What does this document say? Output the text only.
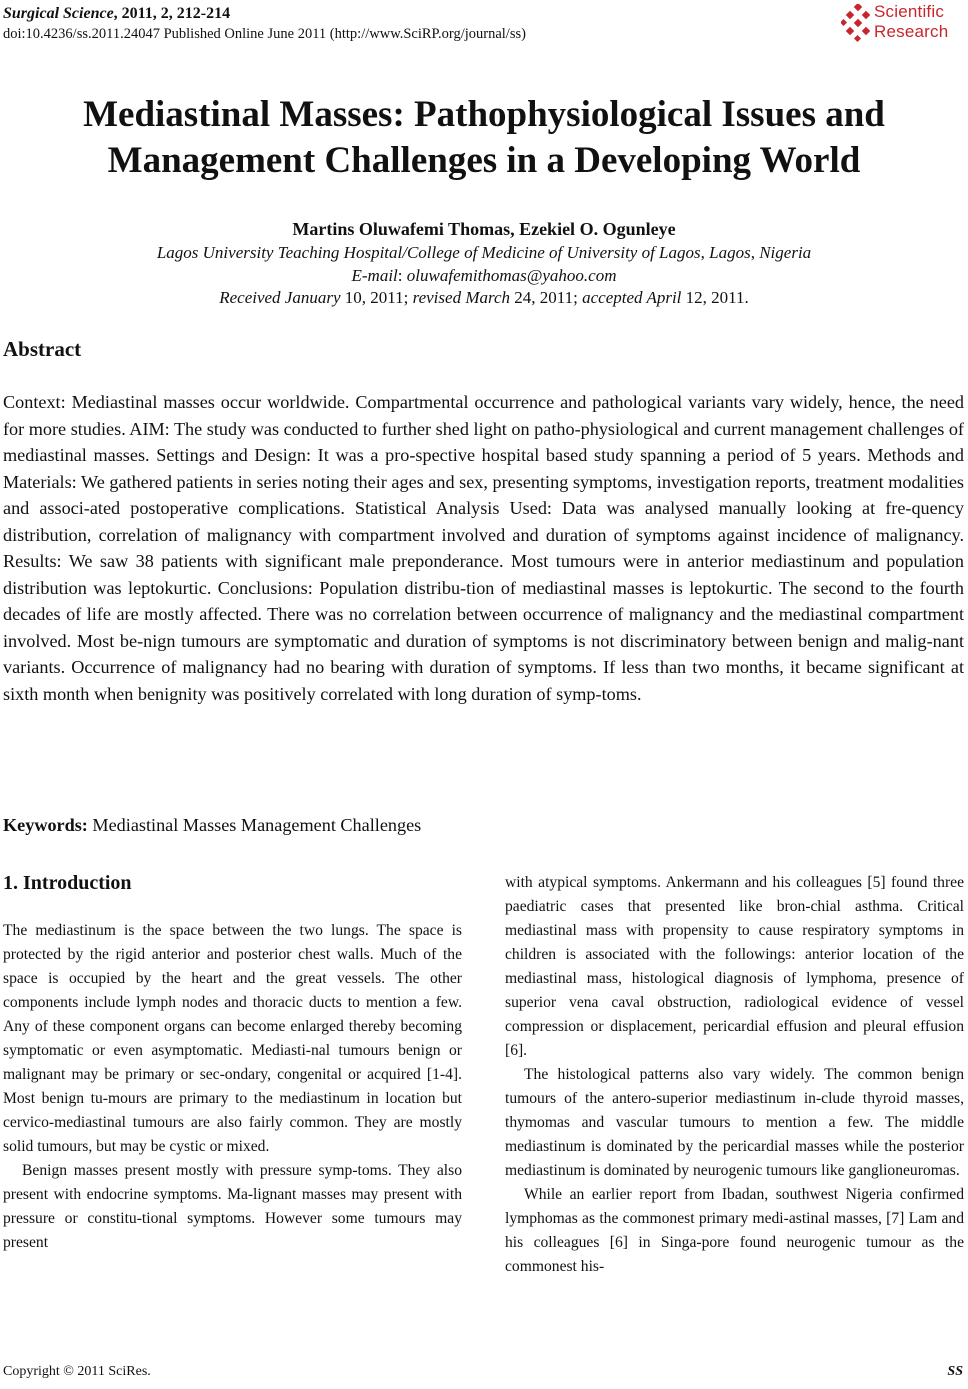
Surgical Science, 2011, 2, 212-214
doi:10.4236/ss.2011.24047 Published Online June 2011 (http://www.SciRP.org/journal/ss)
Scientific
Research
Mediastinal Masses: Pathophysiological Issues and
Management Challenges in a Developing World
Martins Oluwafemi Thomas, Ezekiel O. Ogunleye
Lagos University Teaching Hospital/College of Medicine of University of Lagos, Lagos, Nigeria
E-mail: oluwafemithomas@yahoo.com
Received January 10, 2011; revised March 24, 2011; accepted April 12, 2011.
Abstract
Context: Mediastinal masses occur worldwide. Compartmental occurrence and pathological variants vary widely, hence, the need for more studies. AIM: The study was conducted to further shed light on patho-physiological and current management challenges of mediastinal masses. Settings and Design: It was a pro-spective hospital based study spanning a period of 5 years. Methods and Materials: We gathered patients in series noting their ages and sex, presenting symptoms, investigation reports, treatment modalities and associ-ated postoperative complications. Statistical Analysis Used: Data was analysed manually looking at fre-quency distribution, correlation of malignancy with compartment involved and duration of symptoms against incidence of malignancy. Results: We saw 38 patients with significant male preponderance. Most tumours were in anterior mediastinum and population distribution was leptokurtic. Conclusions: Population distribu-tion of mediastinal masses is leptokurtic. The second to the fourth decades of life are mostly affected. There was no correlation between occurrence of malignancy and the mediastinal compartment involved. Most be-nign tumours are symptomatic and duration of symptoms is not discriminatory between benign and malig-nant variants. Occurrence of malignancy had no bearing with duration of symptoms. If less than two months, it became significant at sixth month when benignity was positively correlated with long duration of symp-toms.
Keywords: Mediastinal Masses Management Challenges
1. Introduction

The mediastinum is the space between the two lungs. The space is protected by the rigid anterior and posterior chest walls. Much of the space is occupied by the heart and the great vessels. The other components include lymph nodes and thoracic ducts to mention a few. Any of these component organs can become enlarged thereby becoming symptomatic or even asymptomatic. Mediasti-nal tumours benign or malignant may be primary or sec-ondary, congenital or acquired [1-4]. Most benign tu-mours are primary to the mediastinum in location but cervico-mediastinal tumours are also fairly common. They are mostly solid tumours, but may be cystic or mixed.

Benign masses present mostly with pressure symp-toms. They also present with endocrine symptoms. Ma-lignant masses may present with pressure or constitu-tional symptoms. However some tumours may present

with atypical symptoms. Ankermann and his colleagues [5] found three paediatric cases that presented like bron-chial asthma. Critical mediastinal mass with propensity to cause respiratory symptoms in children is associated with the followings: anterior location of the mediastinal mass, histological diagnosis of lymphoma, presence of superior vena caval obstruction, radiological evidence of vessel compression or displacement, pericardial effusion and pleural effusion [6].

The histological patterns also vary widely. The common benign tumours of the antero-superior mediastinum in-clude thyroid masses, thymomas and vascular tumours to mention a few. The middle mediastinum is dominated by the pericardial masses while the posterior mediastinum is dominated by neurogenic tumours like ganglioneuromas.

While an earlier report from Ibadan, southwest Nigeria confirmed lymphomas as the commonest primary medi-astinal masses, [7] Lam and his colleagues [6] in Singa-pore found neurogenic tumour as the commonest his-

Copyright © 2011 SciRes.	SS
